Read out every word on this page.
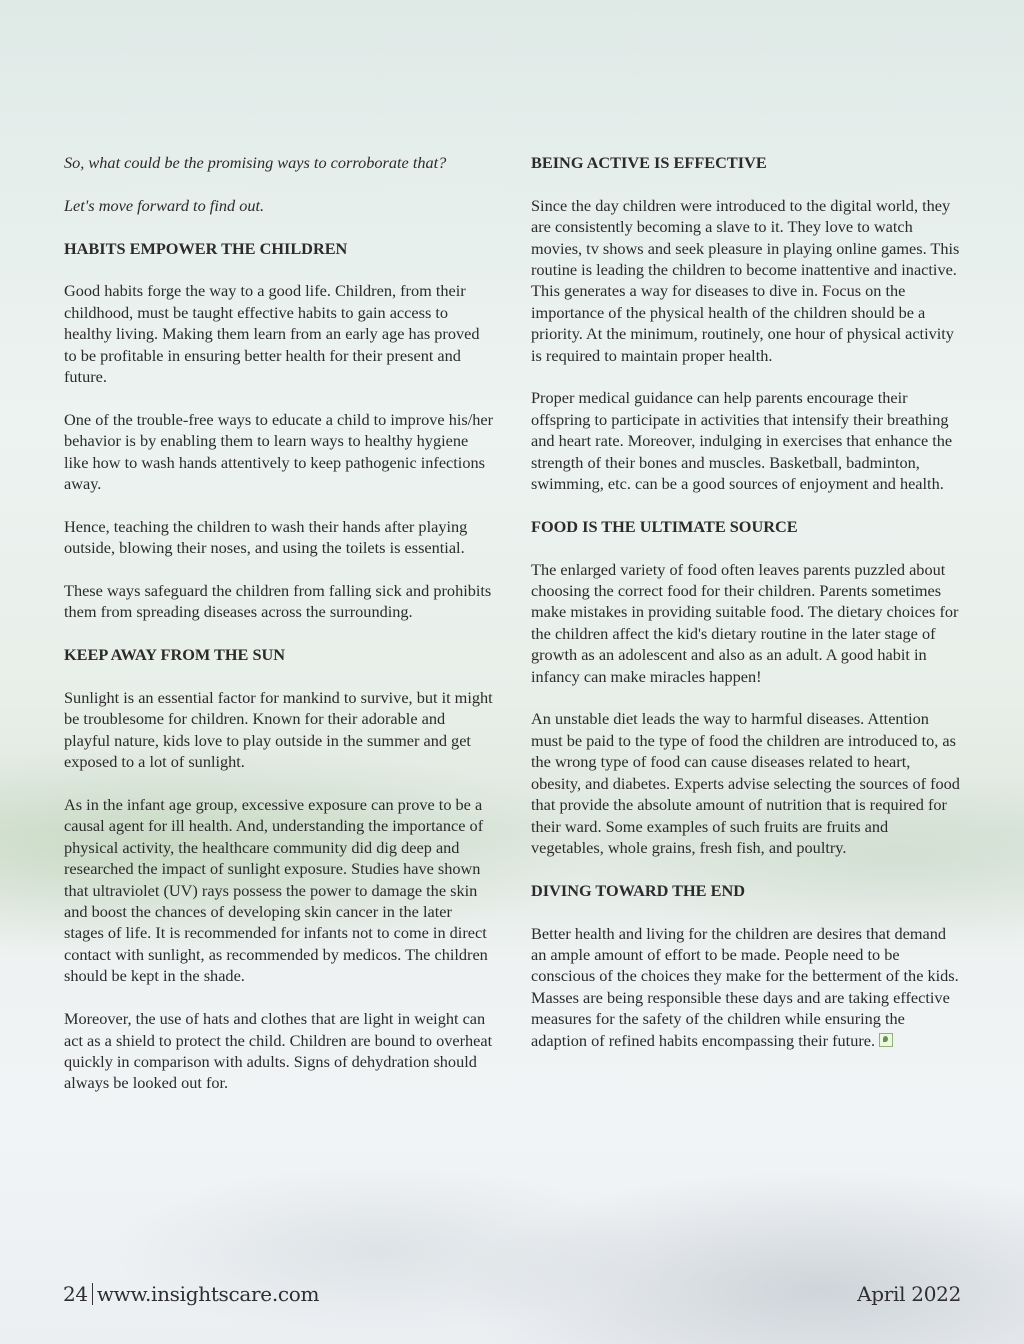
So, what could be the promising ways to corroborate that?

Let's move forward to find out.

HABITS EMPOWER THE CHILDREN

Good habits forge the way to a good life. Children, from their childhood, must be taught effective habits to gain access to healthy living. Making them learn from an early age has proved to be profitable in ensuring better health for their present and future.

One of the trouble-free ways to educate a child to improve his/her behavior is by enabling them to learn ways to healthy hygiene like how to wash hands attentively to keep pathogenic infections away.

Hence, teaching the children to wash their hands after playing outside, blowing their noses, and using the toilets is essential.

These ways safeguard the children from falling sick and prohibits them from spreading diseases across the surrounding.

KEEP AWAY FROM THE SUN

Sunlight is an essential factor for mankind to survive, but it might be troublesome for children. Known for their adorable and playful nature, kids love to play outside in the summer and get exposed to a lot of sunlight.

As in the infant age group, excessive exposure can prove to be a causal agent for ill health. And, understanding the importance of physical activity, the healthcare community did dig deep and researched the impact of sunlight exposure. Studies have shown that ultraviolet (UV) rays possess the power to damage the skin and boost the chances of developing skin cancer in the later stages of life. It is recommended for infants not to come in direct contact with sunlight, as recommended by medicos. The children should be kept in the shade.

Moreover, the use of hats and clothes that are light in weight can act as a shield to protect the child. Children are bound to overheat quickly in comparison with adults. Signs of dehydration should always be looked out for.

BEING ACTIVE IS EFFECTIVE

Since the day children were introduced to the digital world, they are consistently becoming a slave to it. They love to watch movies, tv shows and seek pleasure in playing online games. This routine is leading the children to become inattentive and inactive. This generates a way for diseases to dive in. Focus on the importance of the physical health of the children should be a priority. At the minimum, routinely, one hour of physical activity is required to maintain proper health.

Proper medical guidance can help parents encourage their offspring to participate in activities that intensify their breathing and heart rate. Moreover, indulging in exercises that enhance the strength of their bones and muscles. Basketball, badminton, swimming, etc. can be a good sources of enjoyment and health.

FOOD IS THE ULTIMATE SOURCE

The enlarged variety of food often leaves parents puzzled about choosing the correct food for their children. Parents sometimes make mistakes in providing suitable food. The dietary choices for the children affect the kid's dietary routine in the later stage of growth as an adolescent and also as an adult. A good habit in infancy can make miracles happen!

An unstable diet leads the way to harmful diseases. Attention must be paid to the type of food the children are introduced to, as the wrong type of food can cause diseases related to heart, obesity, and diabetes. Experts advise selecting the sources of food that provide the absolute amount of nutrition that is required for their ward. Some examples of such fruits are fruits and vegetables, whole grains, fresh fish, and poultry.

DIVING TOWARD THE END

Better health and living for the children are desires that demand an ample amount of effort to be made. People need to be conscious of the choices they make for the betterment of the kids. Masses are being responsible these days and are taking effective measures for the safety of the children while ensuring the adaption of refined habits encompassing their future.

24 www.insightscare.com	April 2022
